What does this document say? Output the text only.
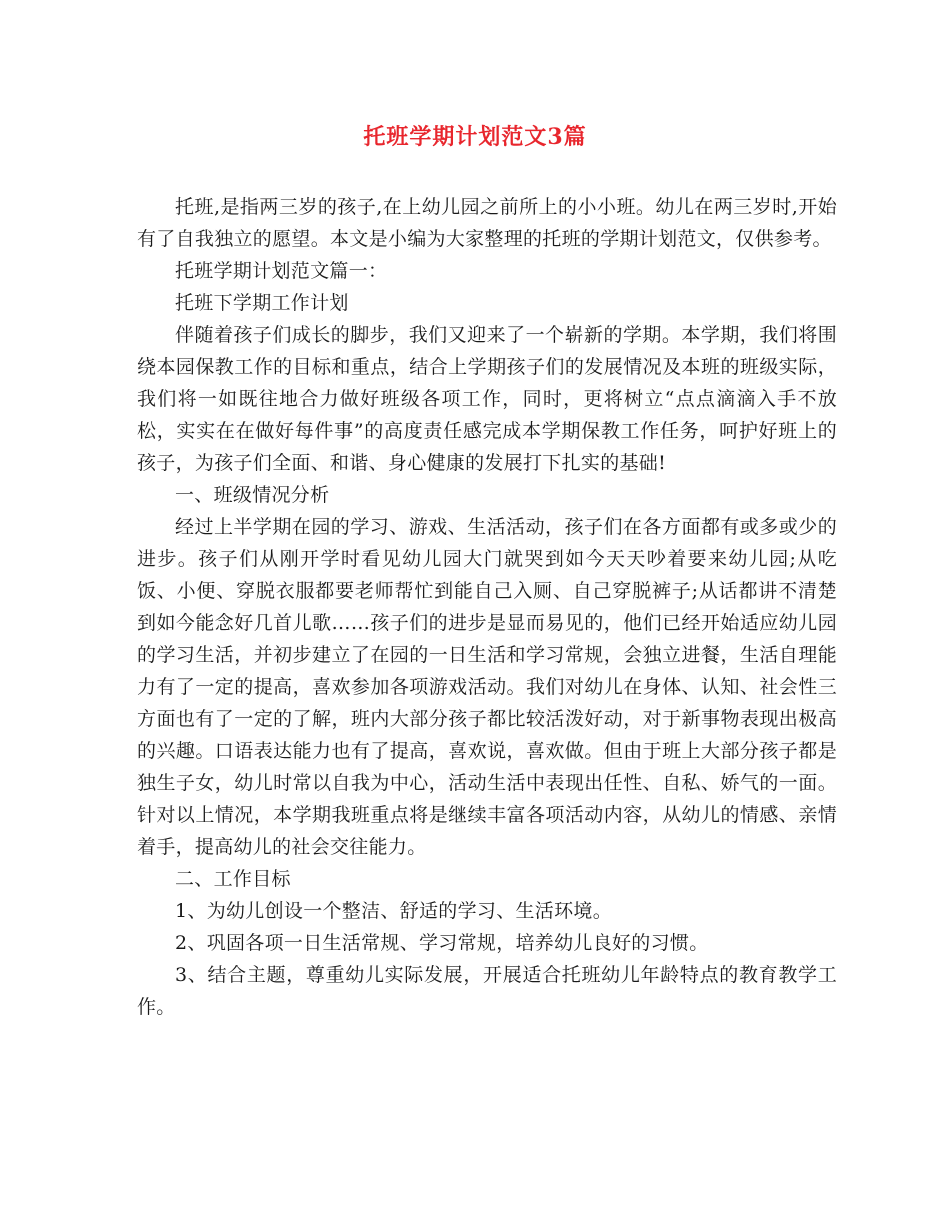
托班学期计划范文3篇

托班,是指两三岁的孩子,在上幼儿园之前所上的小小班。幼儿在两三岁时,开始有了自我独立的愿望。本文是小编为大家整理的托班的学期计划范文，仅供参考。

托班学期计划范文篇一：

托班下学期工作计划

伴随着孩子们成长的脚步，我们又迎来了一个崭新的学期。本学期，我们将围绕本园保教工作的目标和重点，结合上学期孩子们的发展情况及本班的班级实际，我们将一如既往地合力做好班级各项工作，同时，更将树立“点点滴滴入手不放松，实实在在做好每件事”的高度责任感完成本学期保教工作任务，呵护好班上的孩子，为孩子们全面、和谐、身心健康的发展打下扎实的基础!

一、班级情况分析

经过上半学期在园的学习、游戏、生活活动，孩子们在各方面都有或多或少的进步。孩子们从刚开学时看见幼儿园大门就哭到如今天天吵着要来幼儿园;从吃饭、小便、穿脱衣服都要老师帮忙到能自己入厕、自己穿脱裤子;从话都讲不清楚到如今能念好几首儿歌……孩子们的进步是显而易见的，他们已经开始适应幼儿园的学习生活，并初步建立了在园的一日生活和学习常规，会独立进餐，生活自理能力有了一定的提高，喜欢参加各项游戏活动。我们对幼儿在身体、认知、社会性三方面也有了一定的了解，班内大部分孩子都比较活泼好动，对于新事物表现出极高的兴趣。口语表达能力也有了提高，喜欢说，喜欢做。但由于班上大部分孩子都是独生子女，幼儿时常以自我为中心，活动生活中表现出任性、自私、娇气的一面。针对以上情况，本学期我班重点将是继续丰富各项活动内容，从幼儿的情感、亲情着手，提高幼儿的社会交往能力。

二、工作目标

1、为幼儿创设一个整洁、舒适的学习、生活环境。

2、巩固各项一日生活常规、学习常规，培养幼儿良好的习惯。

3、结合主题，尊重幼儿实际发展，开展适合托班幼儿年龄特点的教育教学工作。
